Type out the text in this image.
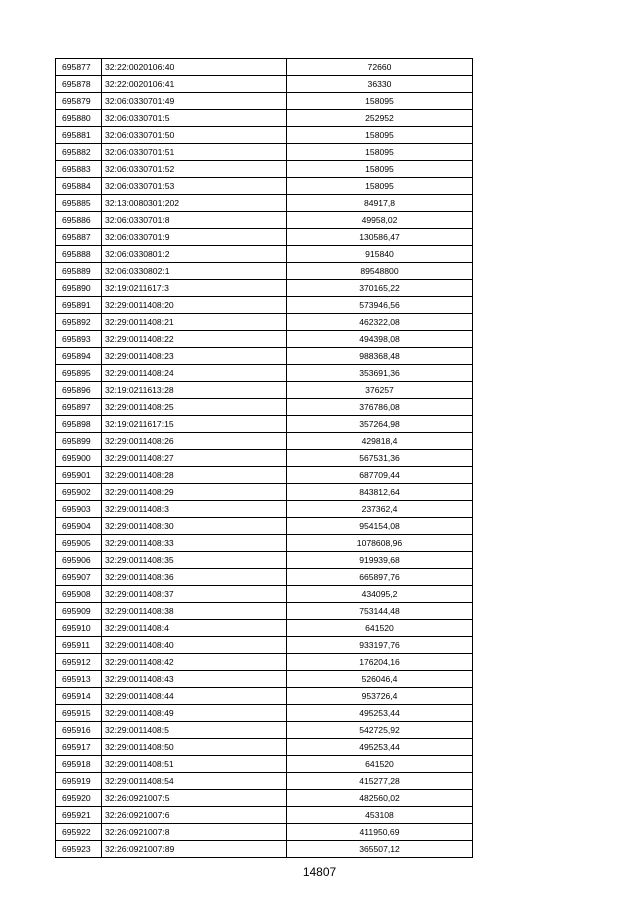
695877	32:22:0020106:40	72660
695878	32:22:0020106:41	36330
695879	32:06:0330701:49	158095
695880	32:06:0330701:5	252952
695881	32:06:0330701:50	158095
695882	32:06:0330701:51	158095
695883	32:06:0330701:52	158095
695884	32:06:0330701:53	158095
695885	32:13:0080301:202	84917,8
695886	32:06:0330701:8	49958,02
695887	32:06:0330701:9	130586,47
695888	32:06:0330801:2	915840
695889	32:06:0330802:1	89548800
695890	32:19:0211617:3	370165,22
695891	32:29:0011408:20	573946,56
695892	32:29:0011408:21	462322,08
695893	32:29:0011408:22	494398,08
695894	32:29:0011408:23	988368,48
695895	32:29:0011408:24	353691,36
695896	32:19:0211613:28	376257
695897	32:29:0011408:25	376786,08
695898	32:19:0211617:15	357264,98
695899	32:29:0011408:26	429818,4
695900	32:29:0011408:27	567531,36
695901	32:29:0011408:28	687709,44
695902	32:29:0011408:29	843812,64
695903	32:29:0011408:3	237362,4
695904	32:29:0011408:30	954154,08
695905	32:29:0011408:33	1078608,96
695906	32:29:0011408:35	919939,68
695907	32:29:0011408:36	665897,76
695908	32:29:0011408:37	434095,2
695909	32:29:0011408:38	753144,48
695910	32:29:0011408:4	641520
695911	32:29:0011408:40	933197,76
695912	32:29:0011408:42	176204,16
695913	32:29:0011408:43	526046,4
695914	32:29:0011408:44	953726,4
695915	32:29:0011408:49	495253,44
695916	32:29:0011408:5	542725,92
695917	32:29:0011408:50	495253,44
695918	32:29:0011408:51	641520
695919	32:29:0011408:54	415277,28
695920	32:26:0921007:5	482560,02
695921	32:26:0921007:6	453108
695922	32:26:0921007:8	411950,69
695923	32:26:0921007:89	365507,12
14807
